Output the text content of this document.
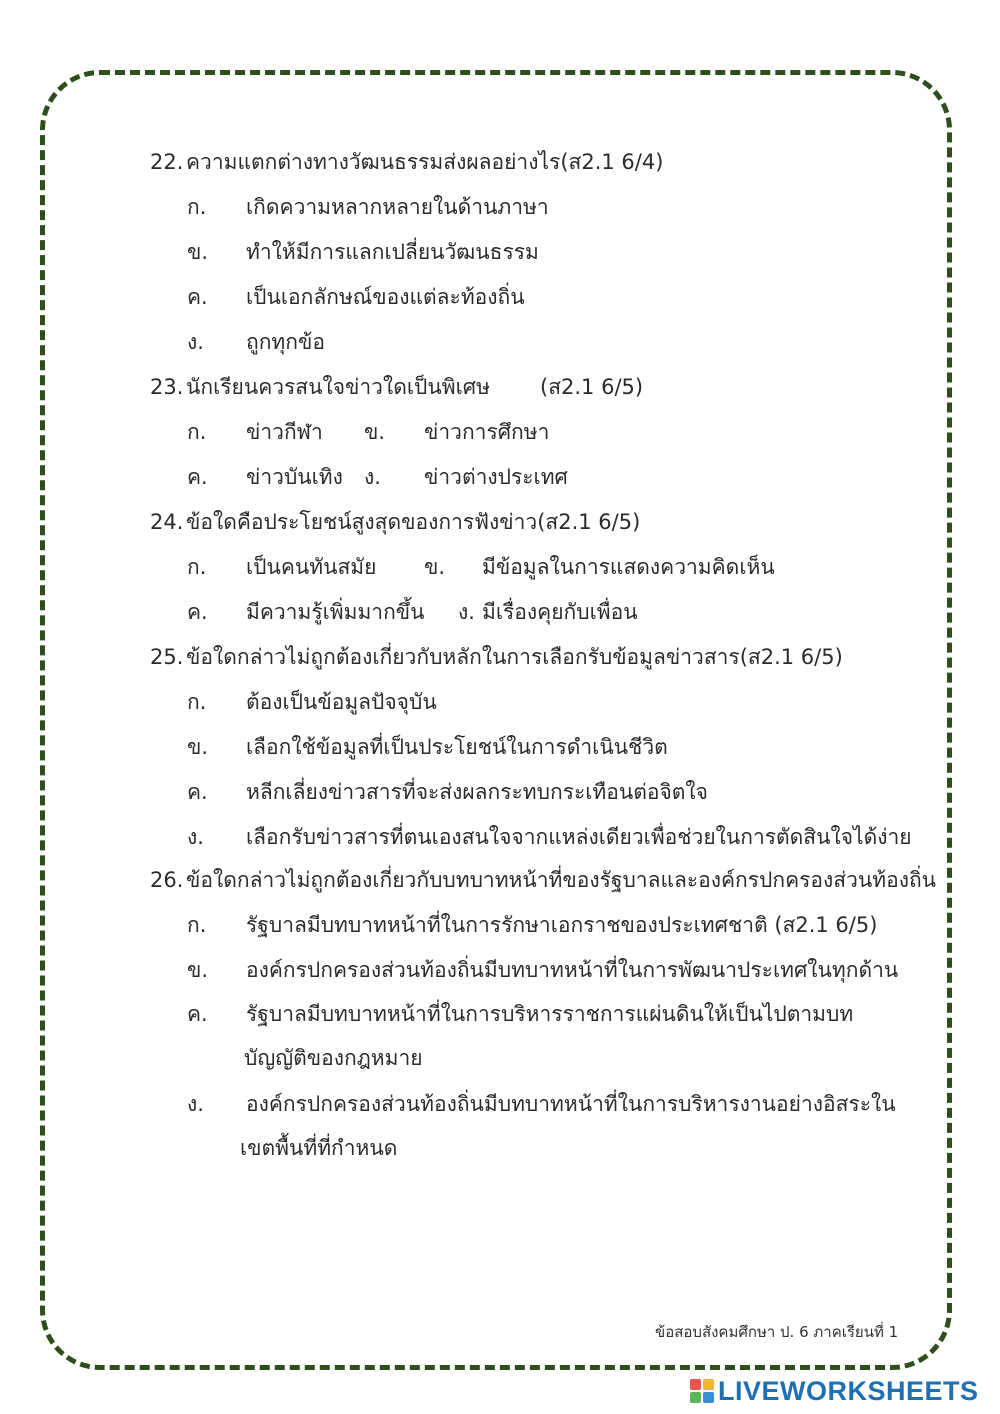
22. ความแตกต่างทางวัฒนธรรมส่งผลอย่างไร(ส2.1 6/4)
ก. เกิดความหลากหลายในด้านภาษา
ข. ทำให้มีการแลกเปลี่ยนวัฒนธรรม
ค. เป็นเอกลักษณ์ของแต่ละท้องถิ่น
ง. ถูกทุกข้อ
23. นักเรียนควรสนใจข่าวใดเป็นพิเศษ (ส2.1 6/5)
ก. ข่าวกีฬา ข. ข่าวการศึกษา
ค. ข่าวบันเทิง ง. ข่าวต่างประเทศ
24. ข้อใดคือประโยชน์สูงสุดของการฟังข่าว(ส2.1 6/5)
ก. เป็นคนทันสมัย ข. มีข้อมูลในการแสดงความคิดเห็น
ค. มีความรู้เพิ่มมากขึ้น ง. มีเรื่องคุยกับเพื่อน
25. ข้อใดกล่าวไม่ถูกต้องเกี่ยวกับหลักในการเลือกรับข้อมูลข่าวสาร(ส2.1 6/5)
ก. ต้องเป็นข้อมูลปัจจุบัน
ข. เลือกใช้ข้อมูลที่เป็นประโยชน์ในการดำเนินชีวิต
ค. หลีกเลี่ยงข่าวสารที่จะส่งผลกระทบกระเทือนต่อจิตใจ
ง. เลือกรับข่าวสารที่ตนเองสนใจจากแหล่งเดียวเพื่อช่วยในการตัดสินใจได้ง่าย
26. ข้อใดกล่าวไม่ถูกต้องเกี่ยวกับบทบาทหน้าที่ของรัฐบาลและองค์กรปกครองส่วนท้องถิ่น
ก. รัฐบาลมีบทบาทหน้าที่ในการรักษาเอกราชของประเทศชาติ (ส2.1 6/5)
ข. องค์กรปกครองส่วนท้องถิ่นมีบทบาทหน้าที่ในการพัฒนาประเทศในทุกด้าน
ค. รัฐบาลมีบทบาทหน้าที่ในการบริหารราชการแผ่นดินให้เป็นไปตามบท
บัญญัติของกฎหมาย
ง. องค์กรปกครองส่วนท้องถิ่นมีบทบาทหน้าที่ในการบริหารงานอย่างอิสระใน
เขตพื้นที่ที่กำหนด
ข้อสอบสังคมศึกษา ป. 6 ภาคเรียนที่ 1
LIVEWORKSHEETS
